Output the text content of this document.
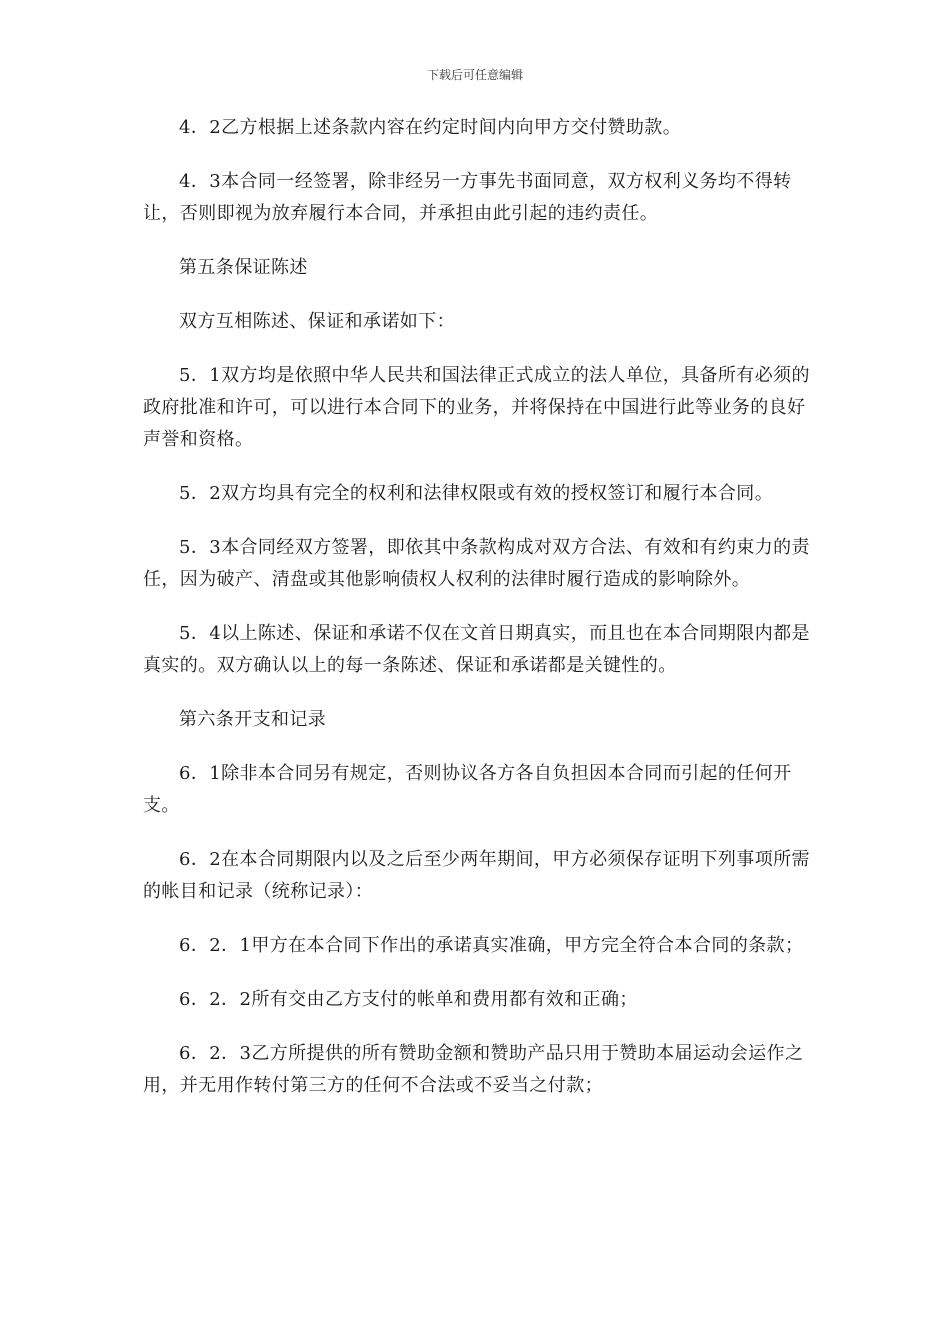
下载后可任意编辑

4．2乙方根据上述条款内容在约定时间内向甲方交付赞助款。

4．3本合同一经签署，除非经另一方事先书面同意，双方权利义务均不得转让，否则即视为放弃履行本合同，并承担由此引起的违约责任。

第五条保证陈述

双方互相陈述、保证和承诺如下：

5．1双方均是依照中华人民共和国法律正式成立的法人单位，具备所有必须的政府批准和许可，可以进行本合同下的业务，并将保持在中国进行此等业务的良好声誉和资格。

5．2双方均具有完全的权利和法律权限或有效的授权签订和履行本合同。

5．3本合同经双方签署，即依其中条款构成对双方合法、有效和有约束力的责任，因为破产、清盘或其他影响债权人权利的法律时履行造成的影响除外。

5．4以上陈述、保证和承诺不仅在文首日期真实，而且也在本合同期限内都是真实的。双方确认以上的每一条陈述、保证和承诺都是关键性的。

第六条开支和记录

6．1除非本合同另有规定，否则协议各方各自负担因本合同而引起的任何开支。

6．2在本合同期限内以及之后至少两年期间，甲方必须保存证明下列事项所需的帐目和记录（统称记录）：

6．2．1甲方在本合同下作出的承诺真实准确，甲方完全符合本合同的条款；

6．2．2所有交由乙方支付的帐单和费用都有效和正确；

6．2．3乙方所提供的所有赞助金额和赞助产品只用于赞助本届运动会运作之用，并无用作转付第三方的任何不合法或不妥当之付款；
